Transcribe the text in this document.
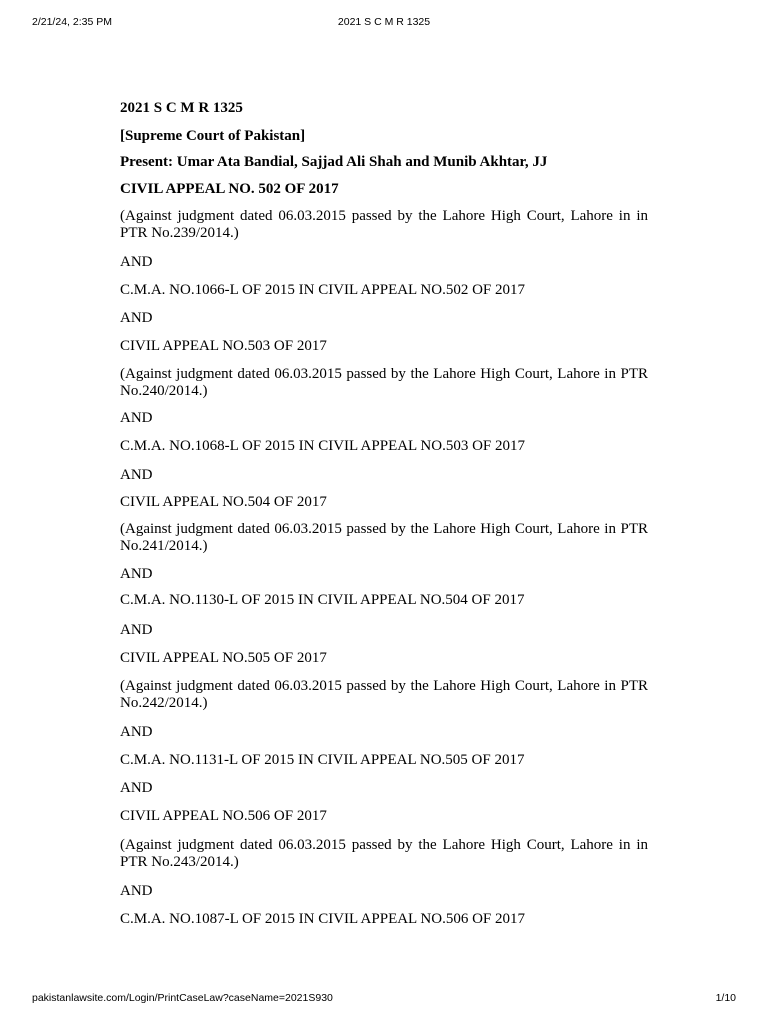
2/21/24, 2:35 PM	2021 S C M R 1325

2021 S C M R 1325

[Supreme Court of Pakistan]

Present: Umar Ata Bandial, Sajjad Ali Shah and Munib Akhtar, JJ

CIVIL APPEAL NO. 502 OF 2017

(Against judgment dated 06.03.2015 passed by the Lahore High Court, Lahore in in PTR No.239/2014.)

AND

C.M.A. NO.1066-L OF 2015 IN CIVIL APPEAL NO.502 OF 2017

AND

CIVIL APPEAL NO.503 OF 2017

(Against judgment dated 06.03.2015 passed by the Lahore High Court, Lahore in PTR No.240/2014.)

AND

C.M.A. NO.1068-L OF 2015 IN CIVIL APPEAL NO.503 OF 2017

AND

CIVIL APPEAL NO.504 OF 2017

(Against judgment dated 06.03.2015 passed by the Lahore High Court, Lahore in PTR No.241/2014.)

AND

C.M.A. NO.1130-L OF 2015 IN CIVIL APPEAL NO.504 OF 2017

AND

CIVIL APPEAL NO.505 OF 2017

(Against judgment dated 06.03.2015 passed by the Lahore High Court, Lahore in PTR No.242/2014.)

AND

C.M.A. NO.1131-L OF 2015 IN CIVIL APPEAL NO.505 OF 2017

AND

CIVIL APPEAL NO.506 OF 2017

(Against judgment dated 06.03.2015 passed by the Lahore High Court, Lahore in in PTR No.243/2014.)

AND

C.M.A. NO.1087-L OF 2015 IN CIVIL APPEAL NO.506 OF 2017

pakistanlawsite.com/Login/PrintCaseLaw?caseName=2021S930	1/10
